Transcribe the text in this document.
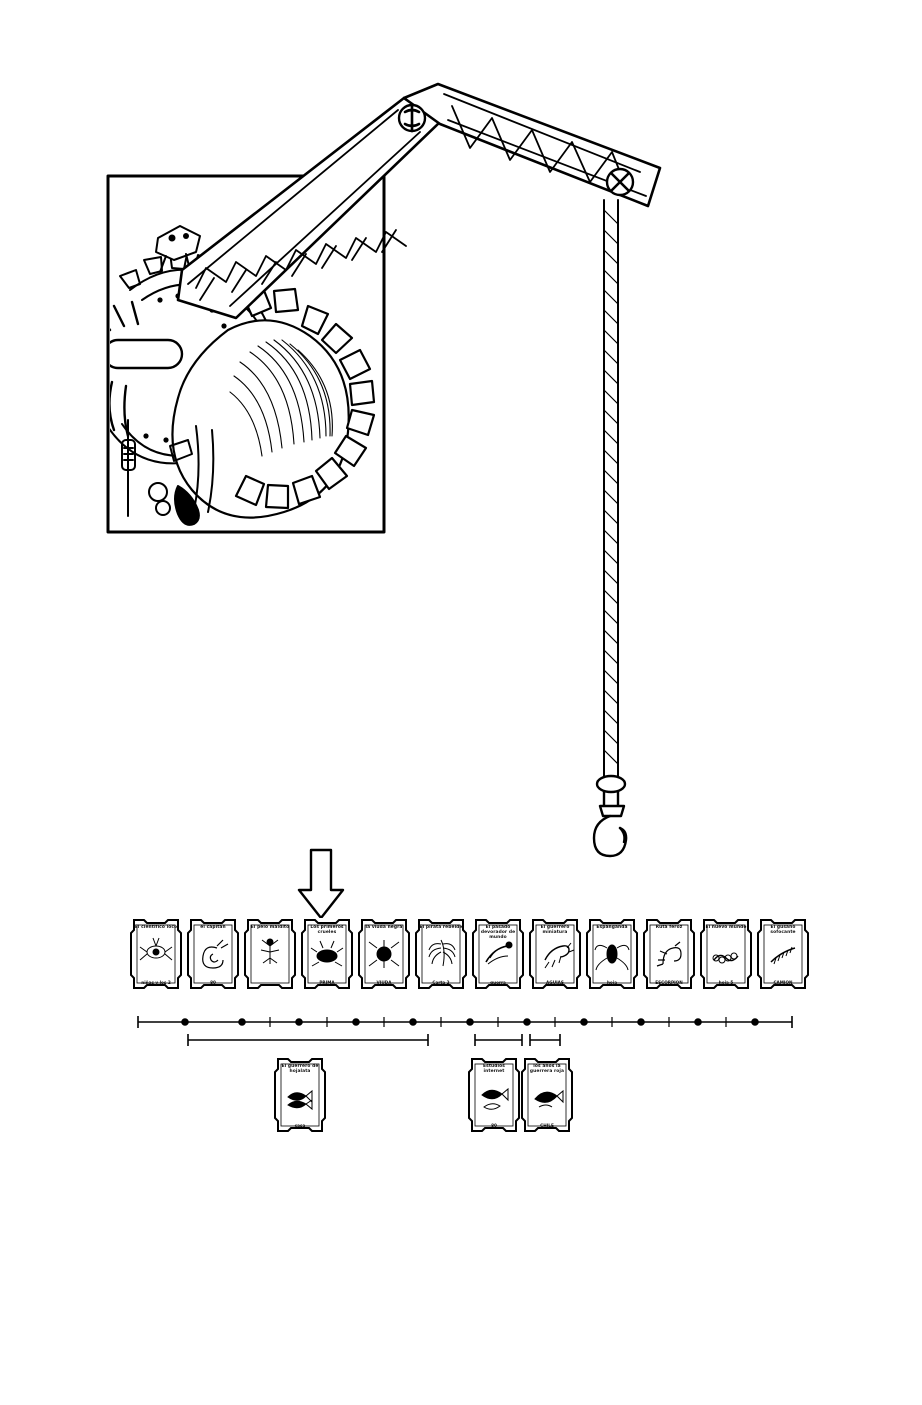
El cientifico loco
niñas y los 2
el capitan
80
El pelo maldito	Los primeros crueles
PRIMA
la viuda negra
VIUDA
El pirata rebelde
Carta 2
El pasado devorador de mundo
guerra
El guerrero miniatura
AGUJAS
Espanganda
hoja
Ruta feroz
ESCORPION
El nuevo mundo
hoja 5
El gusano sofocante
CAMION
El guerrero de hojalata
casa
Estudios internet
80
los años la guerrera roja
CHILE
